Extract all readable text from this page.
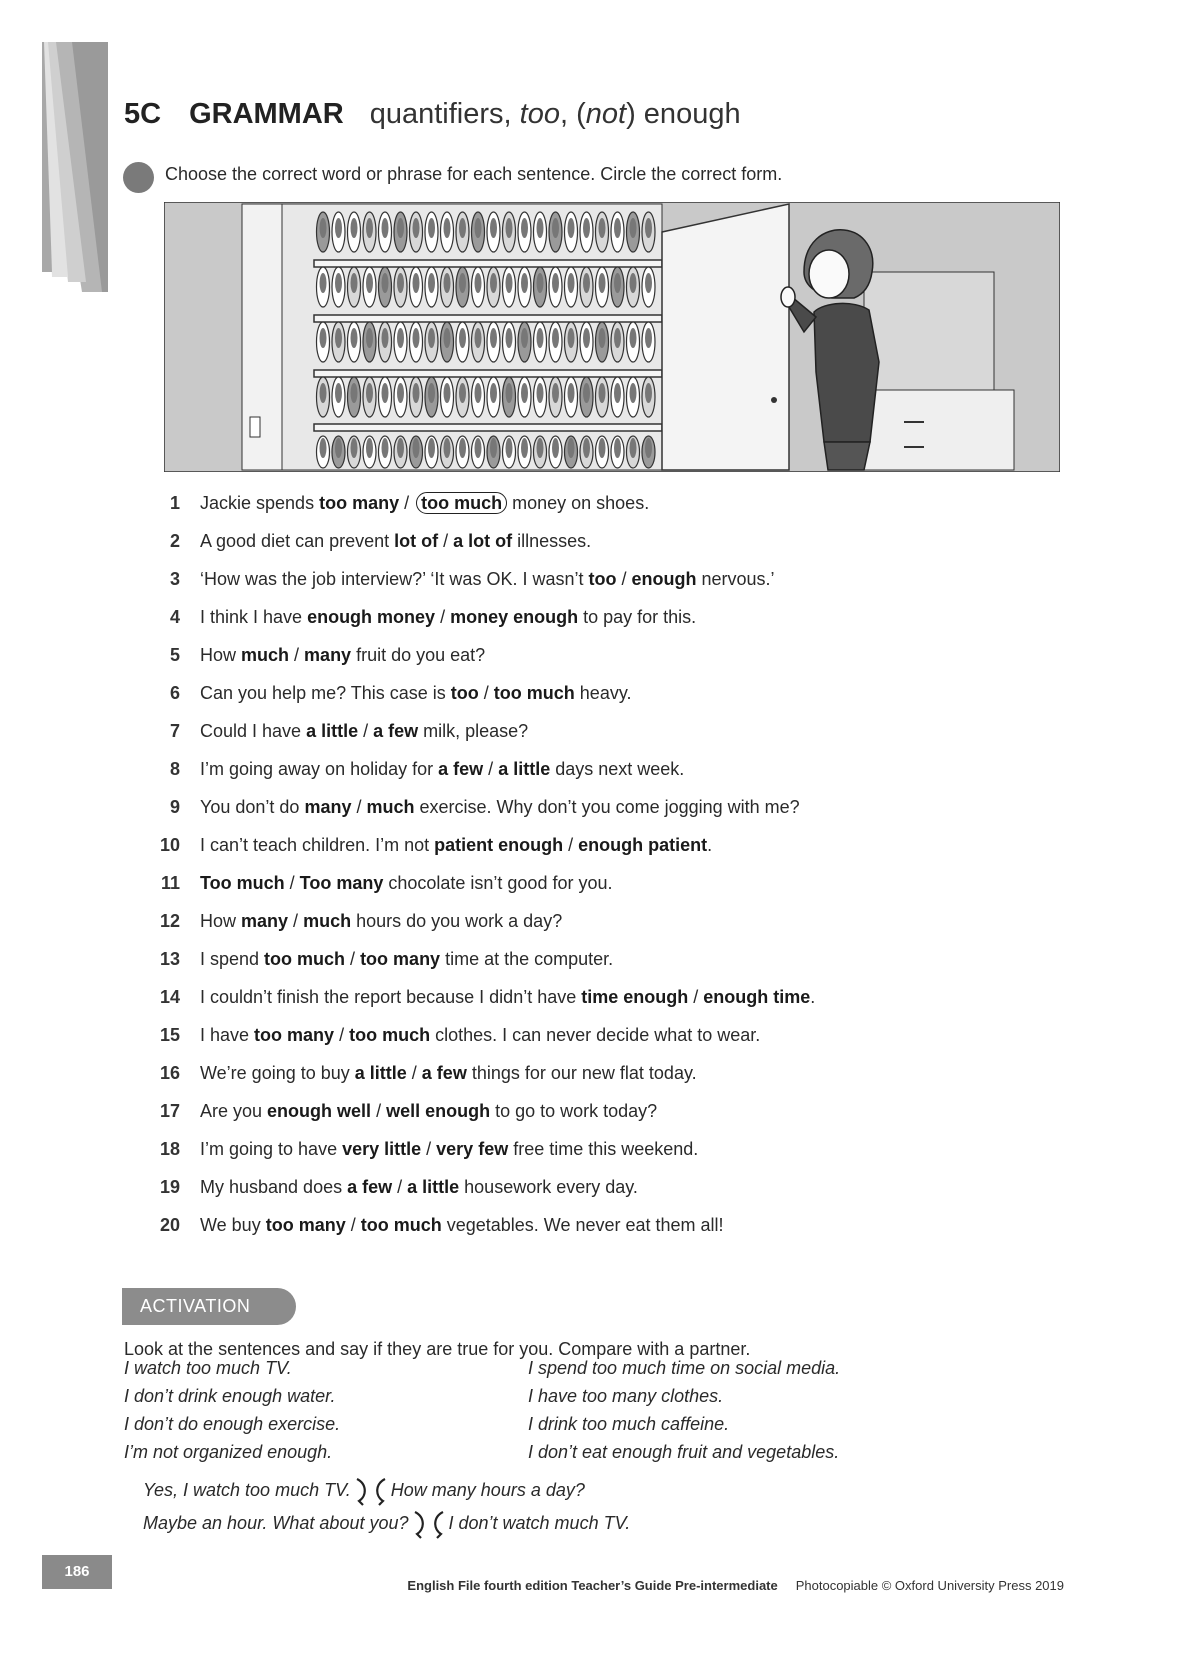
5C GRAMMAR quantifiers, too, (not) enough
Choose the correct word or phrase for each sentence. Circle the correct form.
1 Jackie spends too many / too much money on shoes.
2 A good diet can prevent lot of / a lot of illnesses.
3 ‘How was the job interview?’ ‘It was OK. I wasn’t too / enough nervous.’
4 I think I have enough money / money enough to pay for this.
5 How much / many fruit do you eat?
6 Can you help me? This case is too / too much heavy.
7 Could I have a little / a few milk, please?
8 I’m going away on holiday for a few / a little days next week.
9 You don’t do many / much exercise. Why don’t you come jogging with me?
10 I can’t teach children. I’m not patient enough / enough patient.
11 Too much / Too many chocolate isn’t good for you.
12 How many / much hours do you work a day?
13 I spend too much / too many time at the computer.
14 I couldn’t finish the report because I didn’t have time enough / enough time.
15 I have too many / too much clothes. I can never decide what to wear.
16 We’re going to buy a little / a few things for our new flat today.
17 Are you enough well / well enough to go to work today?
18 I’m going to have very little / very few free time this weekend.
19 My husband does a few / a little housework every day.
20 We buy too many / too much vegetables. We never eat them all!
ACTIVATION
Look at the sentences and say if they are true for you. Compare with a partner.
I watch too much TV.
I don’t drink enough water.
I don’t do enough exercise.
I’m not organized enough.
I spend too much time on social media.
I have too many clothes.
I drink too much caffeine.
I don’t eat enough fruit and vegetables.
Yes, I watch too much TV. How many hours a day?
Maybe an hour. What about you? I don’t watch much TV.
186
English File fourth edition Teacher’s Guide Pre-intermediate Photocopiable © Oxford University Press 2019
